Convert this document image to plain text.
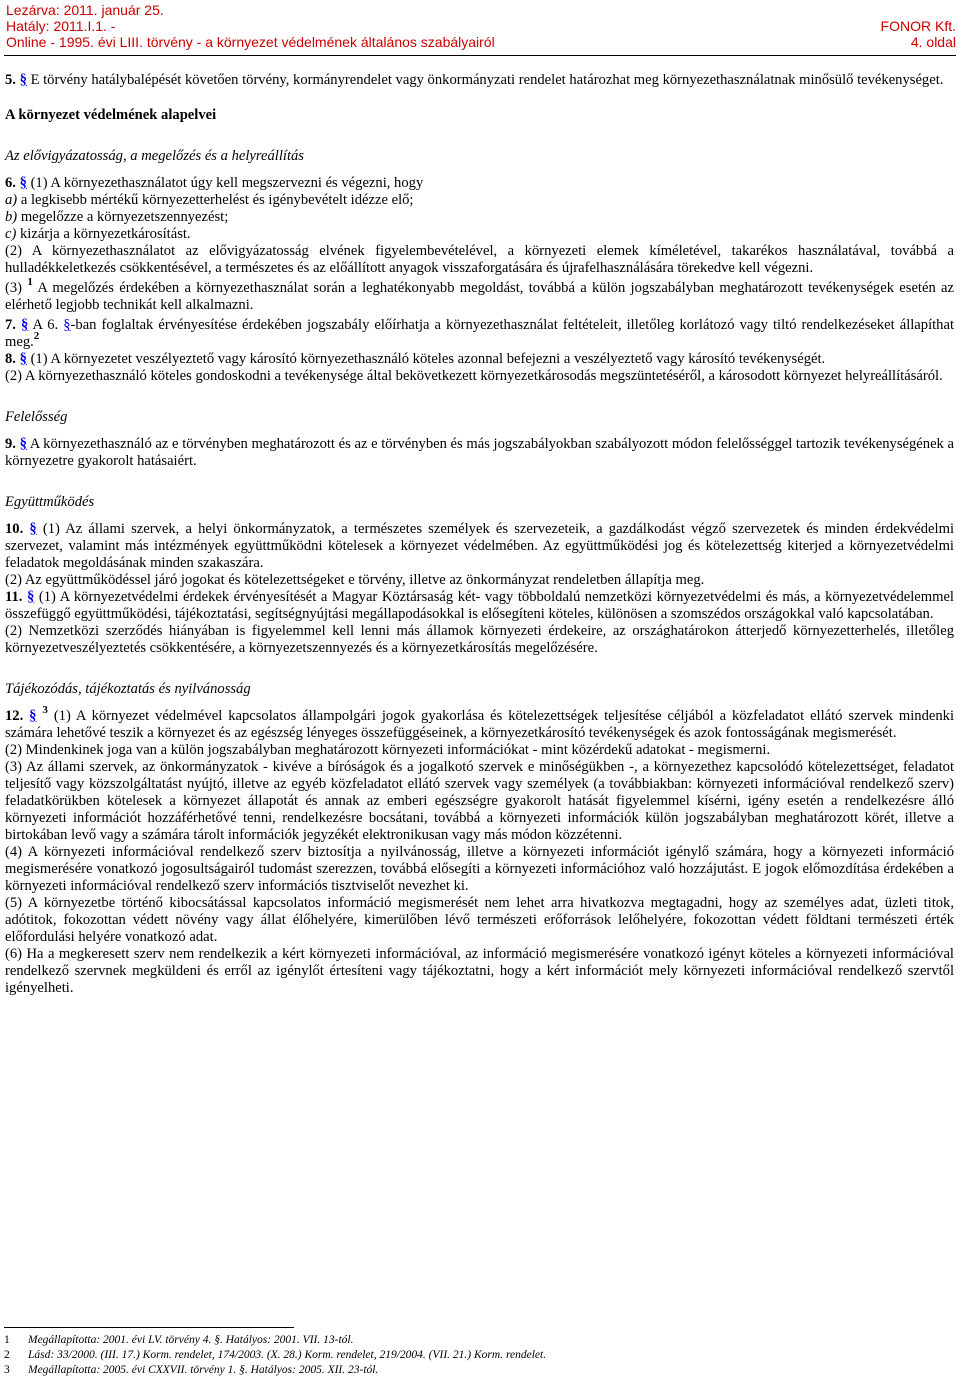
Lezárva: 2011. január 25.
Hatály: 2011.I.1. -
Online - 1995. évi LIII. törvény - a környezet védelmének általános szabályairól
FONOR Kft.
4. oldal

5. § E törvény hatálybalépését követően törvény, kormányrendelet vagy önkormányzati rendelet határozhat meg környezethasználatnak minősülő tevékenységet.

A környezet védelmének alapelvei

Az elővigyázatosság, a megelőzés és a helyreállítás

6. § (1) A környezethasználatot úgy kell megszervezni és végezni, hogy

a) a legkisebb mértékű környezetterhelést és igénybevételt idézze elő;

b) megelőzze a környezetszennyezést;

c) kizárja a környezetkárosítást.

(2) A környezethasználatot az elővigyázatosság elvének figyelembevételével, a környezeti elemek kíméletével, takarékos használatával, továbbá a hulladékkeletkezés csökkentésével, a természetes és az előállított anyagok visszaforgatására és újrafelhasználására törekedve kell végezni.

(3) $^1$ A megelőzés érdekében a környezethasználat során a leghatékonyabb megoldást, továbbá a külön jogszabályban meghatározott tevékenységek esetén az elérhető legjobb technikát kell alkalmazni.

7. § A 6. §-ban foglaltak érvényesítése érdekében jogszabály előírhatja a környezethasználat feltételeit, illetőleg korlátozó vagy tiltó rendelkezéseket állapíthat meg.$^2$

8. § (1) A környezetet veszélyeztető vagy károsító környezethasználó köteles azonnal befejezni a veszélyeztető vagy károsító tevékenységét.

(2) A környezethasználó köteles gondoskodni a tevékenysége által bekövetkezett környezetkárosodás megszüntetéséről, a károsodott környezet helyreállításáról.

Felelősség

9. § A környezethasználó az e törvényben meghatározott és az e törvényben és más jogszabályokban szabályozott módon felelősséggel tartozik tevékenységének a környezetre gyakorolt hatásaiért.

Együttműködés

10. § (1) Az állami szervek, a helyi önkormányzatok, a természetes személyek és szervezeteik, a gazdálkodást végző szervezetek és minden érdekvédelmi szervezet, valamint más intézmények együttműködni kötelesek a környezet védelmében. Az együttműködési jog és kötelezettség kiterjed a környezetvédelmi feladatok megoldásának minden szakaszára.

(2) Az együttműködéssel járó jogokat és kötelezettségeket e törvény, illetve az önkormányzat rendeletben állapítja meg.

11. § (1) A környezetvédelmi érdekek érvényesítését a Magyar Köztársaság két- vagy többoldalú nemzetközi környezetvédelmi és más, a környezetvédelemmel összefüggő együttműködési, tájékoztatási, segítségnyújtási megállapodásokkal is elősegíteni köteles, különösen a szomszédos országokkal való kapcsolatában.

(2) Nemzetközi szerződés hiányában is figyelemmel kell lenni más államok környezeti érdekeire, az országhatárokon átterjedő környezetterhelés, illetőleg környezetveszélyeztetés csökkentésére, a környezetszennyezés és a környezetkárosítás megelőzésére.

Tájékozódás, tájékoztatás és nyilvánosság

12. § $^3$ (1) A környezet védelmével kapcsolatos állampolgári jogok gyakorlása és kötelezettségek teljesítése céljából a közfeladatot ellátó szervek mindenki számára lehetővé teszik a környezet és az egészség lényeges összefüggéseinek, a környezetkárosító tevékenységek és azok fontosságának megismerését.

(2) Mindenkinek joga van a külön jogszabályban meghatározott környezeti információkat - mint közérdekű adatokat - megismerni.

(3) Az állami szervek, az önkormányzatok - kivéve a bíróságok és a jogalkotó szervek e minőségükben -, a környezethez kapcsolódó kötelezettséget, feladatot teljesítő vagy közszolgáltatást nyújtó, illetve az egyéb közfeladatot ellátó szervek vagy személyek (a továbbiakban: környezeti információval rendelkező szerv) feladatkörükben kötelesek a környezet állapotát és annak az emberi egészségre gyakorolt hatását figyelemmel kísérni, igény esetén a rendelkezésre álló környezeti információt hozzáférhetővé tenni, rendelkezésre bocsátani, továbbá a környezeti információk külön jogszabályban meghatározott körét, illetve a birtokában levő vagy a számára tárolt információk jegyzékét elektronikusan vagy más módon közzétenni.

(4) A környezeti információval rendelkező szerv biztosítja a nyilvánosság, illetve a környezeti információt igénylő számára, hogy a környezeti információ megismerésére vonatkozó jogosultságairól tudomást szerezzen, továbbá elősegíti a környezeti információhoz való hozzájutást. E jogok előmozdítása érdekében a környezeti információval rendelkező szerv információs tisztviselőt nevezhet ki.

(5) A környezetbe történő kibocsátással kapcsolatos információ megismerését nem lehet arra hivatkozva megtagadni, hogy az személyes adat, üzleti titok, adótitok, fokozottan védett növény vagy állat élőhelyére, kimerülőben lévő természeti erőforrások lelőhelyére, fokozottan védett földtani természeti érték előfordulási helyére vonatkozó adat.

(6) Ha a megkeresett szerv nem rendelkezik a kért környezeti információval, az információ megismerésére vonatkozó igényt köteles a környezeti információval rendelkező szervnek megküldeni és erről az igénylőt értesíteni vagy tájékoztatni, hogy a kért információt mely környezeti információval rendelkező szervtől igényelheti.

1 Megállapította: 2001. évi LV. törvény 4. §. Hatályos: 2001. VII. 13-tól.
2 Lásd: 33/2000. (III. 17.) Korm. rendelet, 174/2003. (X. 28.) Korm. rendelet, 219/2004. (VII. 21.) Korm. rendelet.
3 Megállapította: 2005. évi CXXVII. törvény 1. §. Hatályos: 2005. XII. 23-tól.
